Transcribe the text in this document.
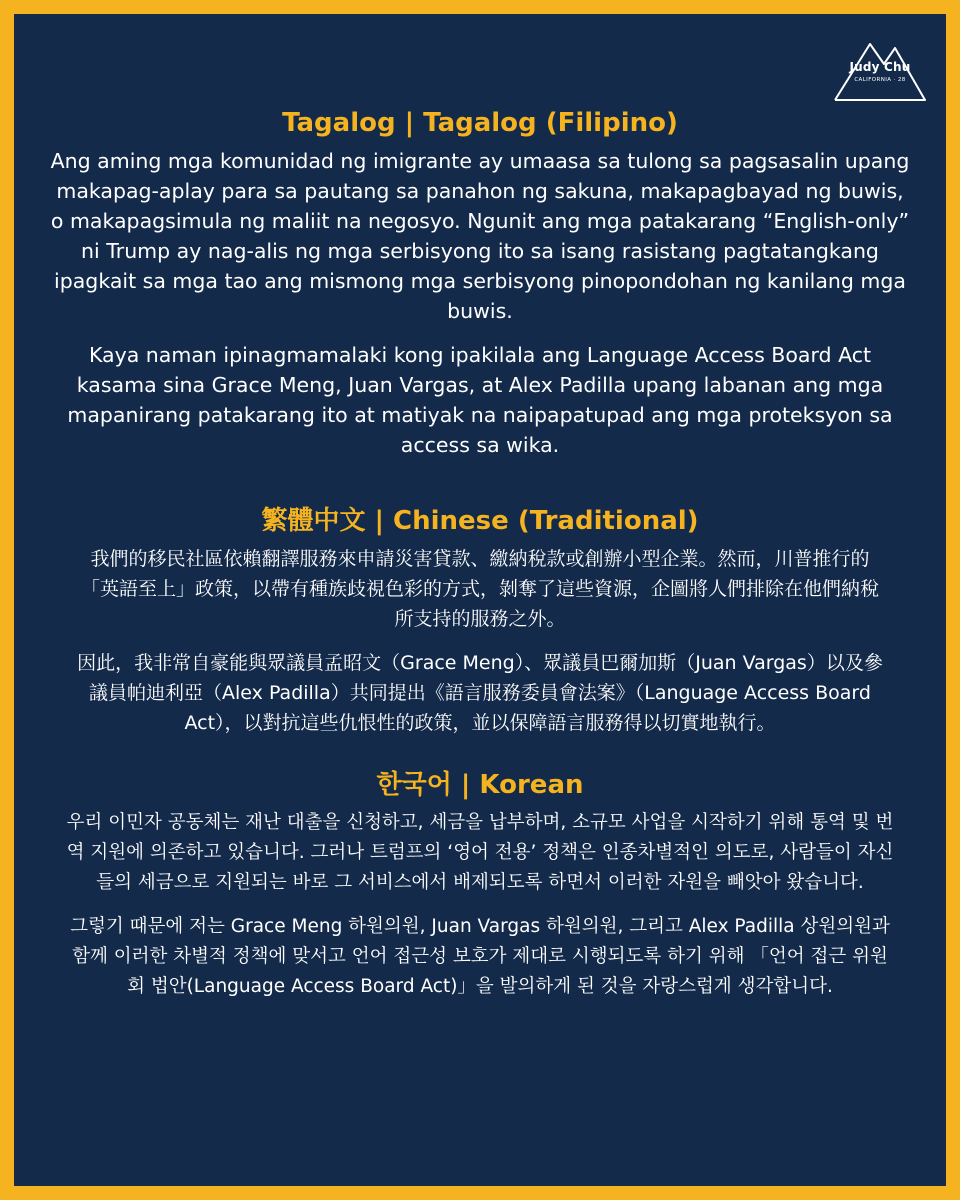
Judy Chu
CALIFORNIA · 28
Tagalog | Tagalog (Filipino)

Ang aming mga komunidad ng imigrante ay umaasa sa tulong sa pagsasalin upang makapag-aplay para sa pautang sa panahon ng sakuna, makapagbayad ng buwis, o makapagsimula ng maliit na negosyo. Ngunit ang mga patakarang “English-only” ni Trump ay nag-alis ng mga serbisyong ito sa isang rasistang pagtatangkang ipagkait sa mga tao ang mismong mga serbisyong pinopondohan ng kanilang mga buwis.

Kaya naman ipinagmamalaki kong ipakilala ang Language Access Board Act kasama sina Grace Meng, Juan Vargas, at Alex Padilla upang labanan ang mga mapanirang patakarang ito at matiyak na naipapatupad ang mga proteksyon sa access sa wika.

繁體中文 | Chinese (Traditional)

我們的移民社區依賴翻譯服務來申請災害貸款、繳納稅款或創辦小型企業。然而，川普推行的「英語至上」政策，以帶有種族歧視色彩的方式，剝奪了這些資源，企圖將人們排除在他們納稅所支持的服務之外。

因此，我非常自豪能與眾議員孟昭文（Grace Meng）、眾議員巴爾加斯（Juan Vargas）以及參議員帕迪利亞（Alex Padilla）共同提出《語言服務委員會法案》（Language Access Board Act），以對抗這些仇恨性的政策，並以保障語言服務得以切實地執行。

한국어 | Korean

우리 이민자 공동체는 재난 대출을 신청하고, 세금을 납부하며, 소규모 사업을 시작하기 위해 통역 및 번역 지원에 의존하고 있습니다. 그러나 트럼프의 ‘영어 전용’ 정책은 인종차별적인 의도로, 사람들이 자신들의 세금으로 지원되는 바로 그 서비스에서 배제되도록 하면서 이러한 자원을 빼앗아 왔습니다.

그렇기 때문에 저는 Grace Meng 하원의원, Juan Vargas 하원의원, 그리고 Alex Padilla 상원의원과 함께 이러한 차별적 정책에 맞서고 언어 접근성 보호가 제대로 시행되도록 하기 위해 「언어 접근 위원회 법안(Language Access Board Act)」을 발의하게 된 것을 자랑스럽게 생각합니다.
